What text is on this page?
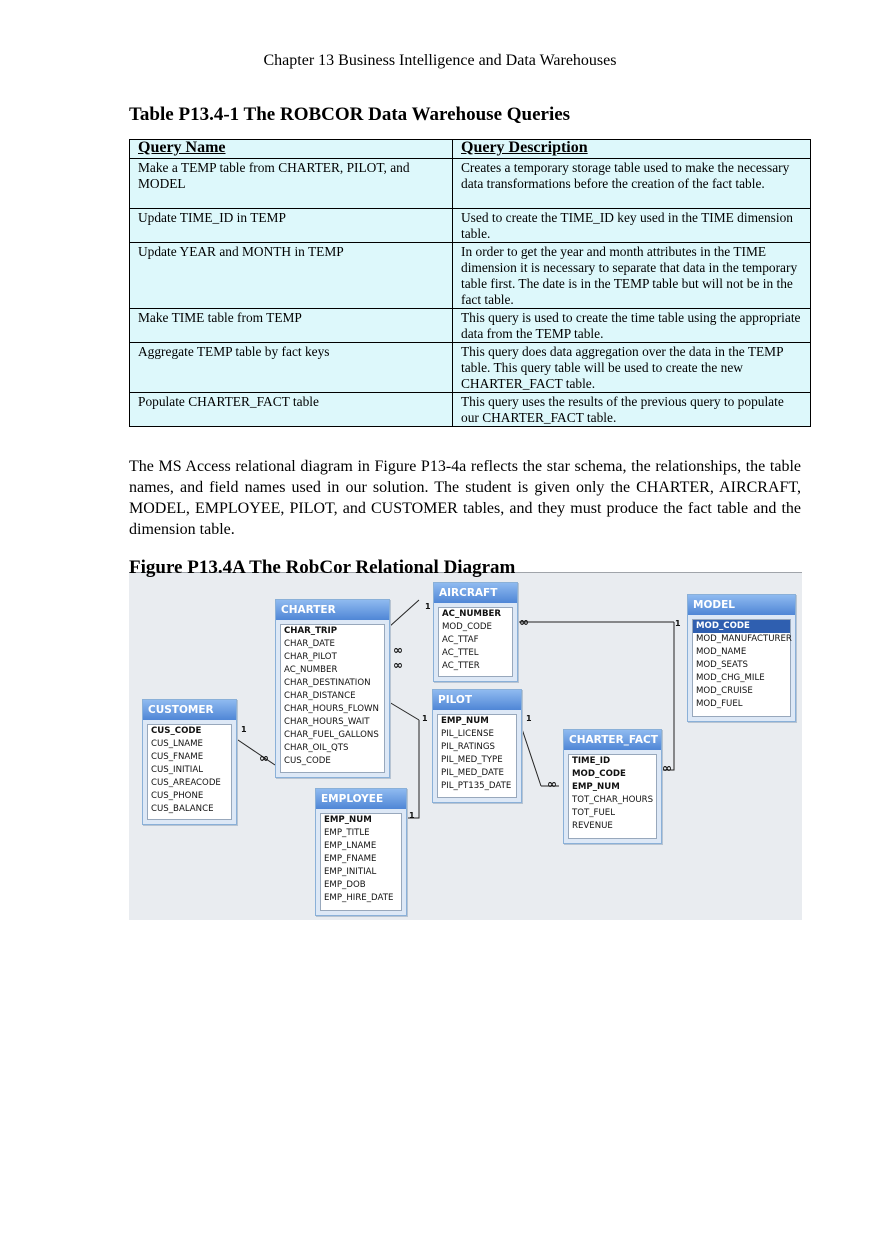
Chapter 13 Business Intelligence and Data Warehouses
Table P13.4-1 The ROBCOR Data Warehouse Queries
Query Name	Query Description
Make a TEMP table from CHARTER, PILOT, and MODEL	Creates a temporary storage table used to make the necessary data transformations before the creation of the fact table.
Update TIME_ID in TEMP	Used to create the TIME_ID key used in the TIME dimension table.
Update YEAR and MONTH in TEMP	In order to get the year and month attributes in the TIME dimension it is necessary to separate that data in the temporary table first. The date is in the TEMP table but will not be in the fact table.
Make TIME table from TEMP	This query is used to create the time table using the appropriate data from the TEMP table.
Aggregate TEMP table by fact keys	This query does data aggregation over the data in the TEMP table. This query table will be used to create the new CHARTER_FACT table.
Populate CHARTER_FACT table	This query uses the results of the previous query to populate our CHARTER_FACT table.
The MS Access relational diagram in Figure P13-4a reflects the star schema, the relationships, the table names, and field names used in our solution. The student is given only the CHARTER, AIRCRAFT, MODEL, EMPLOYEE, PILOT, and CUSTOMER tables, and they must produce the fact table and the dimension table.
1
∞
∞
∞
1
1
1
∞
1
∞
∞
1
CUSTOMER
CUS_CODE
CUS_LNAME
CUS_FNAME
CUS_INITIAL
CUS_AREACODE
CUS_PHONE
CUS_BALANCE
CHARTER
CHAR_TRIP
CHAR_DATE
CHAR_PILOT
AC_NUMBER
CHAR_DESTINATION
CHAR_DISTANCE
CHAR_HOURS_FLOWN
CHAR_HOURS_WAIT
CHAR_FUEL_GALLONS
CHAR_OIL_QTS
CUS_CODE
AIRCRAFT
AC_NUMBER
MOD_CODE
AC_TTAF
AC_TTEL
AC_TTER
MODEL
MOD_CODE
MOD_MANUFACTURER
MOD_NAME
MOD_SEATS
MOD_CHG_MILE
MOD_CRUISE
MOD_FUEL
PILOT
EMP_NUM
PIL_LICENSE
PIL_RATINGS
PIL_MED_TYPE
PIL_MED_DATE
PIL_PT135_DATE
EMPLOYEE
EMP_NUM
EMP_TITLE
EMP_LNAME
EMP_FNAME
EMP_INITIAL
EMP_DOB
EMP_HIRE_DATE
CHARTER_FACT
TIME_ID
MOD_CODE
EMP_NUM
TOT_CHAR_HOURS
TOT_FUEL
REVENUE
Figure P13.4A The RobCor Relational Diagram
